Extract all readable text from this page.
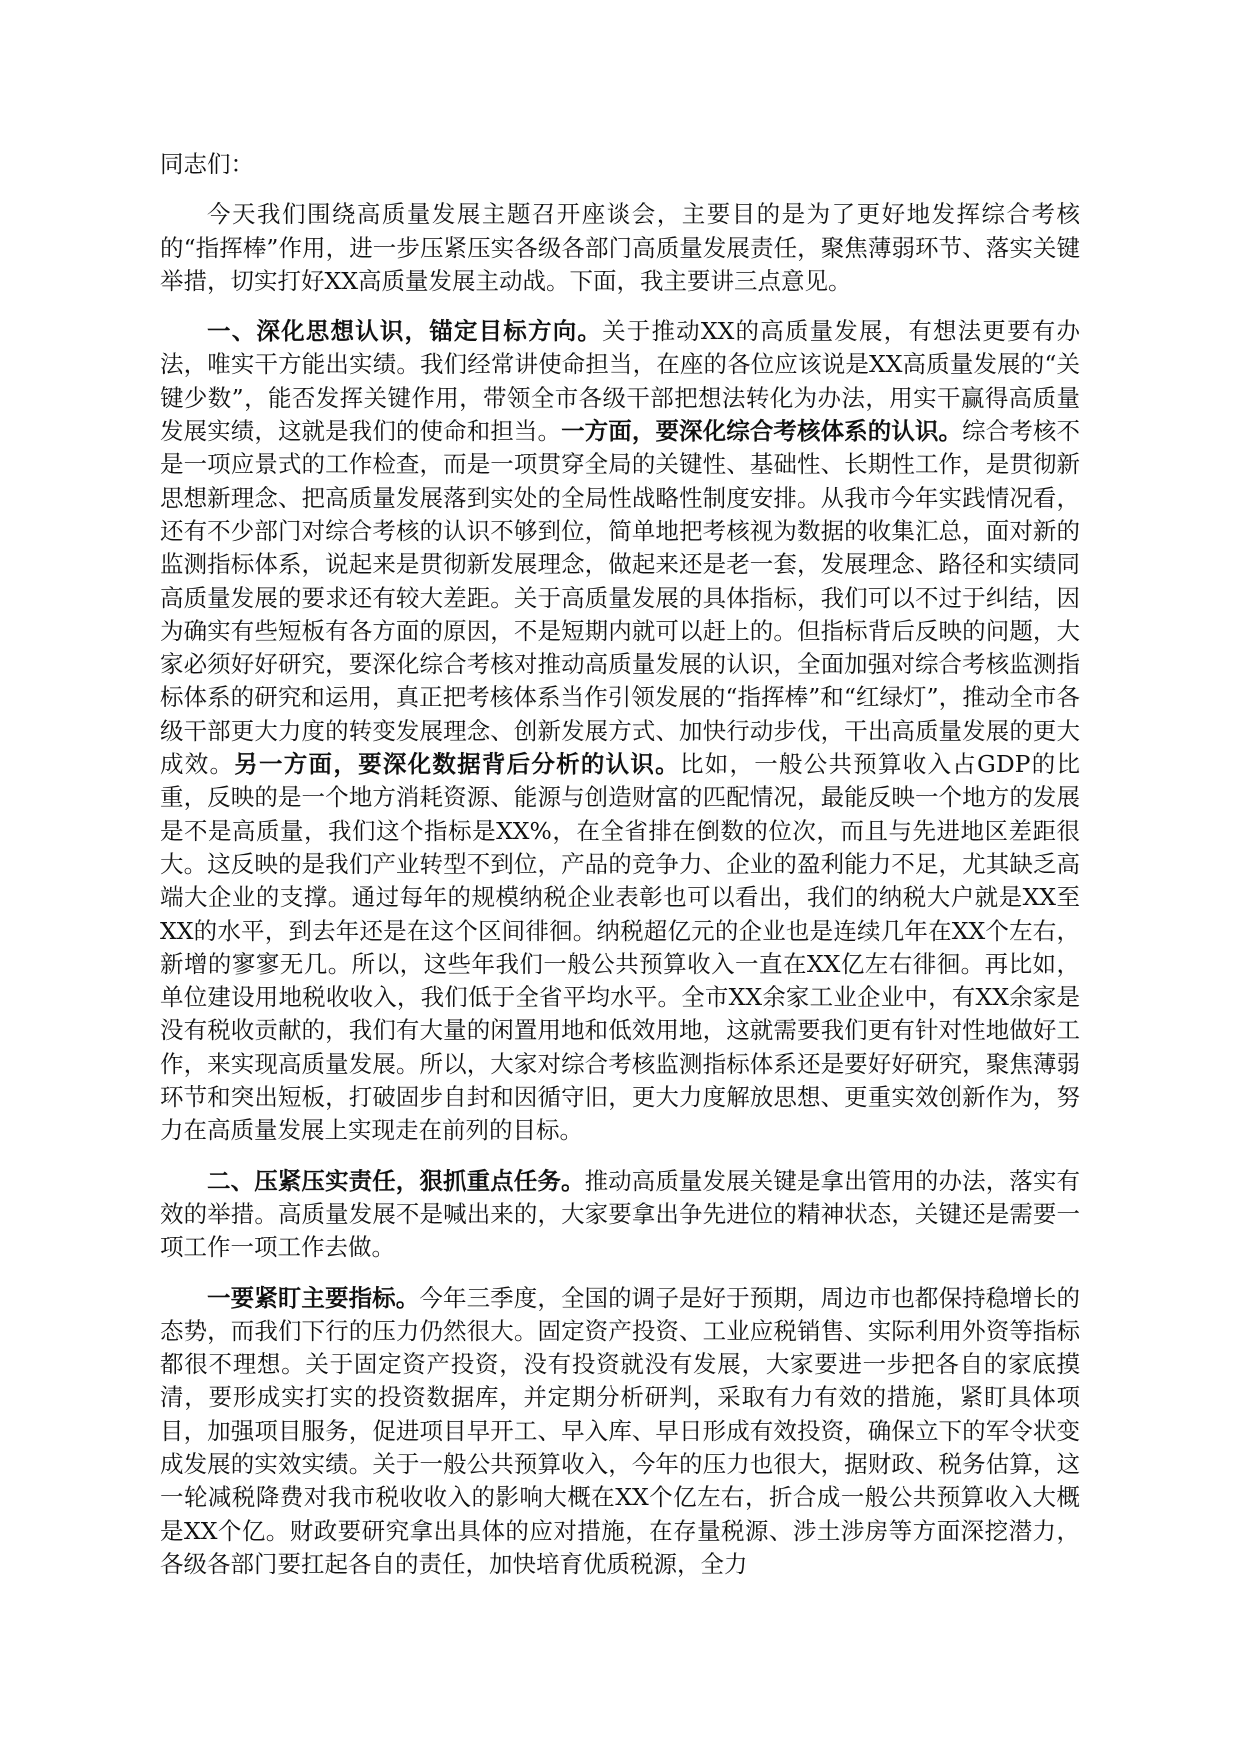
同志们：

今天我们围绕高质量发展主题召开座谈会，主要目的是为了更好地发挥综合考核的“指挥棒”作用，进一步压紧压实各级各部门高质量发展责任，聚焦薄弱环节、落实关键举措，切实打好XX高质量发展主动战。下面，我主要讲三点意见。

一、深化思想认识，锚定目标方向。关于推动XX的高质量发展，有想法更要有办法，唯实干方能出实绩。我们经常讲使命担当，在座的各位应该说是XX高质量发展的“关键少数”，能否发挥关键作用，带领全市各级干部把想法转化为办法，用实干赢得高质量发展实绩，这就是我们的使命和担当。一方面，要深化综合考核体系的认识。综合考核不是一项应景式的工作检查，而是一项贯穿全局的关键性、基础性、长期性工作，是贯彻新思想新理念、把高质量发展落到实处的全局性战略性制度安排。从我市今年实践情况看，还有不少部门对综合考核的认识不够到位，简单地把考核视为数据的收集汇总，面对新的监测指标体系，说起来是贯彻新发展理念，做起来还是老一套，发展理念、路径和实绩同高质量发展的要求还有较大差距。关于高质量发展的具体指标，我们可以不过于纠结，因为确实有些短板有各方面的原因，不是短期内就可以赶上的。但指标背后反映的问题，大家必须好好研究，要深化综合考核对推动高质量发展的认识，全面加强对综合考核监测指标体系的研究和运用，真正把考核体系当作引领发展的“指挥棒”和“红绿灯”，推动全市各级干部更大力度的转变发展理念、创新发展方式、加快行动步伐，干出高质量发展的更大成效。另一方面，要深化数据背后分析的认识。比如，一般公共预算收入占GDP的比重，反映的是一个地方消耗资源、能源与创造财富的匹配情况，最能反映一个地方的发展是不是高质量，我们这个指标是XX%，在全省排在倒数的位次，而且与先进地区差距很大。这反映的是我们产业转型不到位，产品的竞争力、企业的盈利能力不足，尤其缺乏高端大企业的支撑。通过每年的规模纳税企业表彰也可以看出，我们的纳税大户就是XX至XX的水平，到去年还是在这个区间徘徊。纳税超亿元的企业也是连续几年在XX个左右，新增的寥寥无几。所以，这些年我们一般公共预算收入一直在XX亿左右徘徊。再比如，单位建设用地税收收入，我们低于全省平均水平。全市XX余家工业企业中，有XX余家是没有税收贡献的，我们有大量的闲置用地和低效用地，这就需要我们更有针对性地做好工作，来实现高质量发展。所以，大家对综合考核监测指标体系还是要好好研究，聚焦薄弱环节和突出短板，打破固步自封和因循守旧，更大力度解放思想、更重实效创新作为，努力在高质量发展上实现走在前列的目标。

二、压紧压实责任，狠抓重点任务。推动高质量发展关键是拿出管用的办法，落实有效的举措。高质量发展不是喊出来的，大家要拿出争先进位的精神状态，关键还是需要一项工作一项工作去做。

一要紧盯主要指标。今年三季度，全国的调子是好于预期，周边市也都保持稳增长的态势，而我们下行的压力仍然很大。固定资产投资、工业应税销售、实际利用外资等指标都很不理想。关于固定资产投资，没有投资就没有发展，大家要进一步把各自的家底摸清，要形成实打实的投资数据库，并定期分析研判，采取有力有效的措施，紧盯具体项目，加强项目服务，促进项目早开工、早入库、早日形成有效投资，确保立下的军令状变成发展的实效实绩。关于一般公共预算收入，今年的压力也很大，据财政、税务估算，这一轮减税降费对我市税收收入的影响大概在XX个亿左右，折合成一般公共预算收入大概是XX个亿。财政要研究拿出具体的应对措施，在存量税源、涉土涉房等方面深挖潜力，各级各部门要扛起各自的责任，加快培育优质税源，全力
